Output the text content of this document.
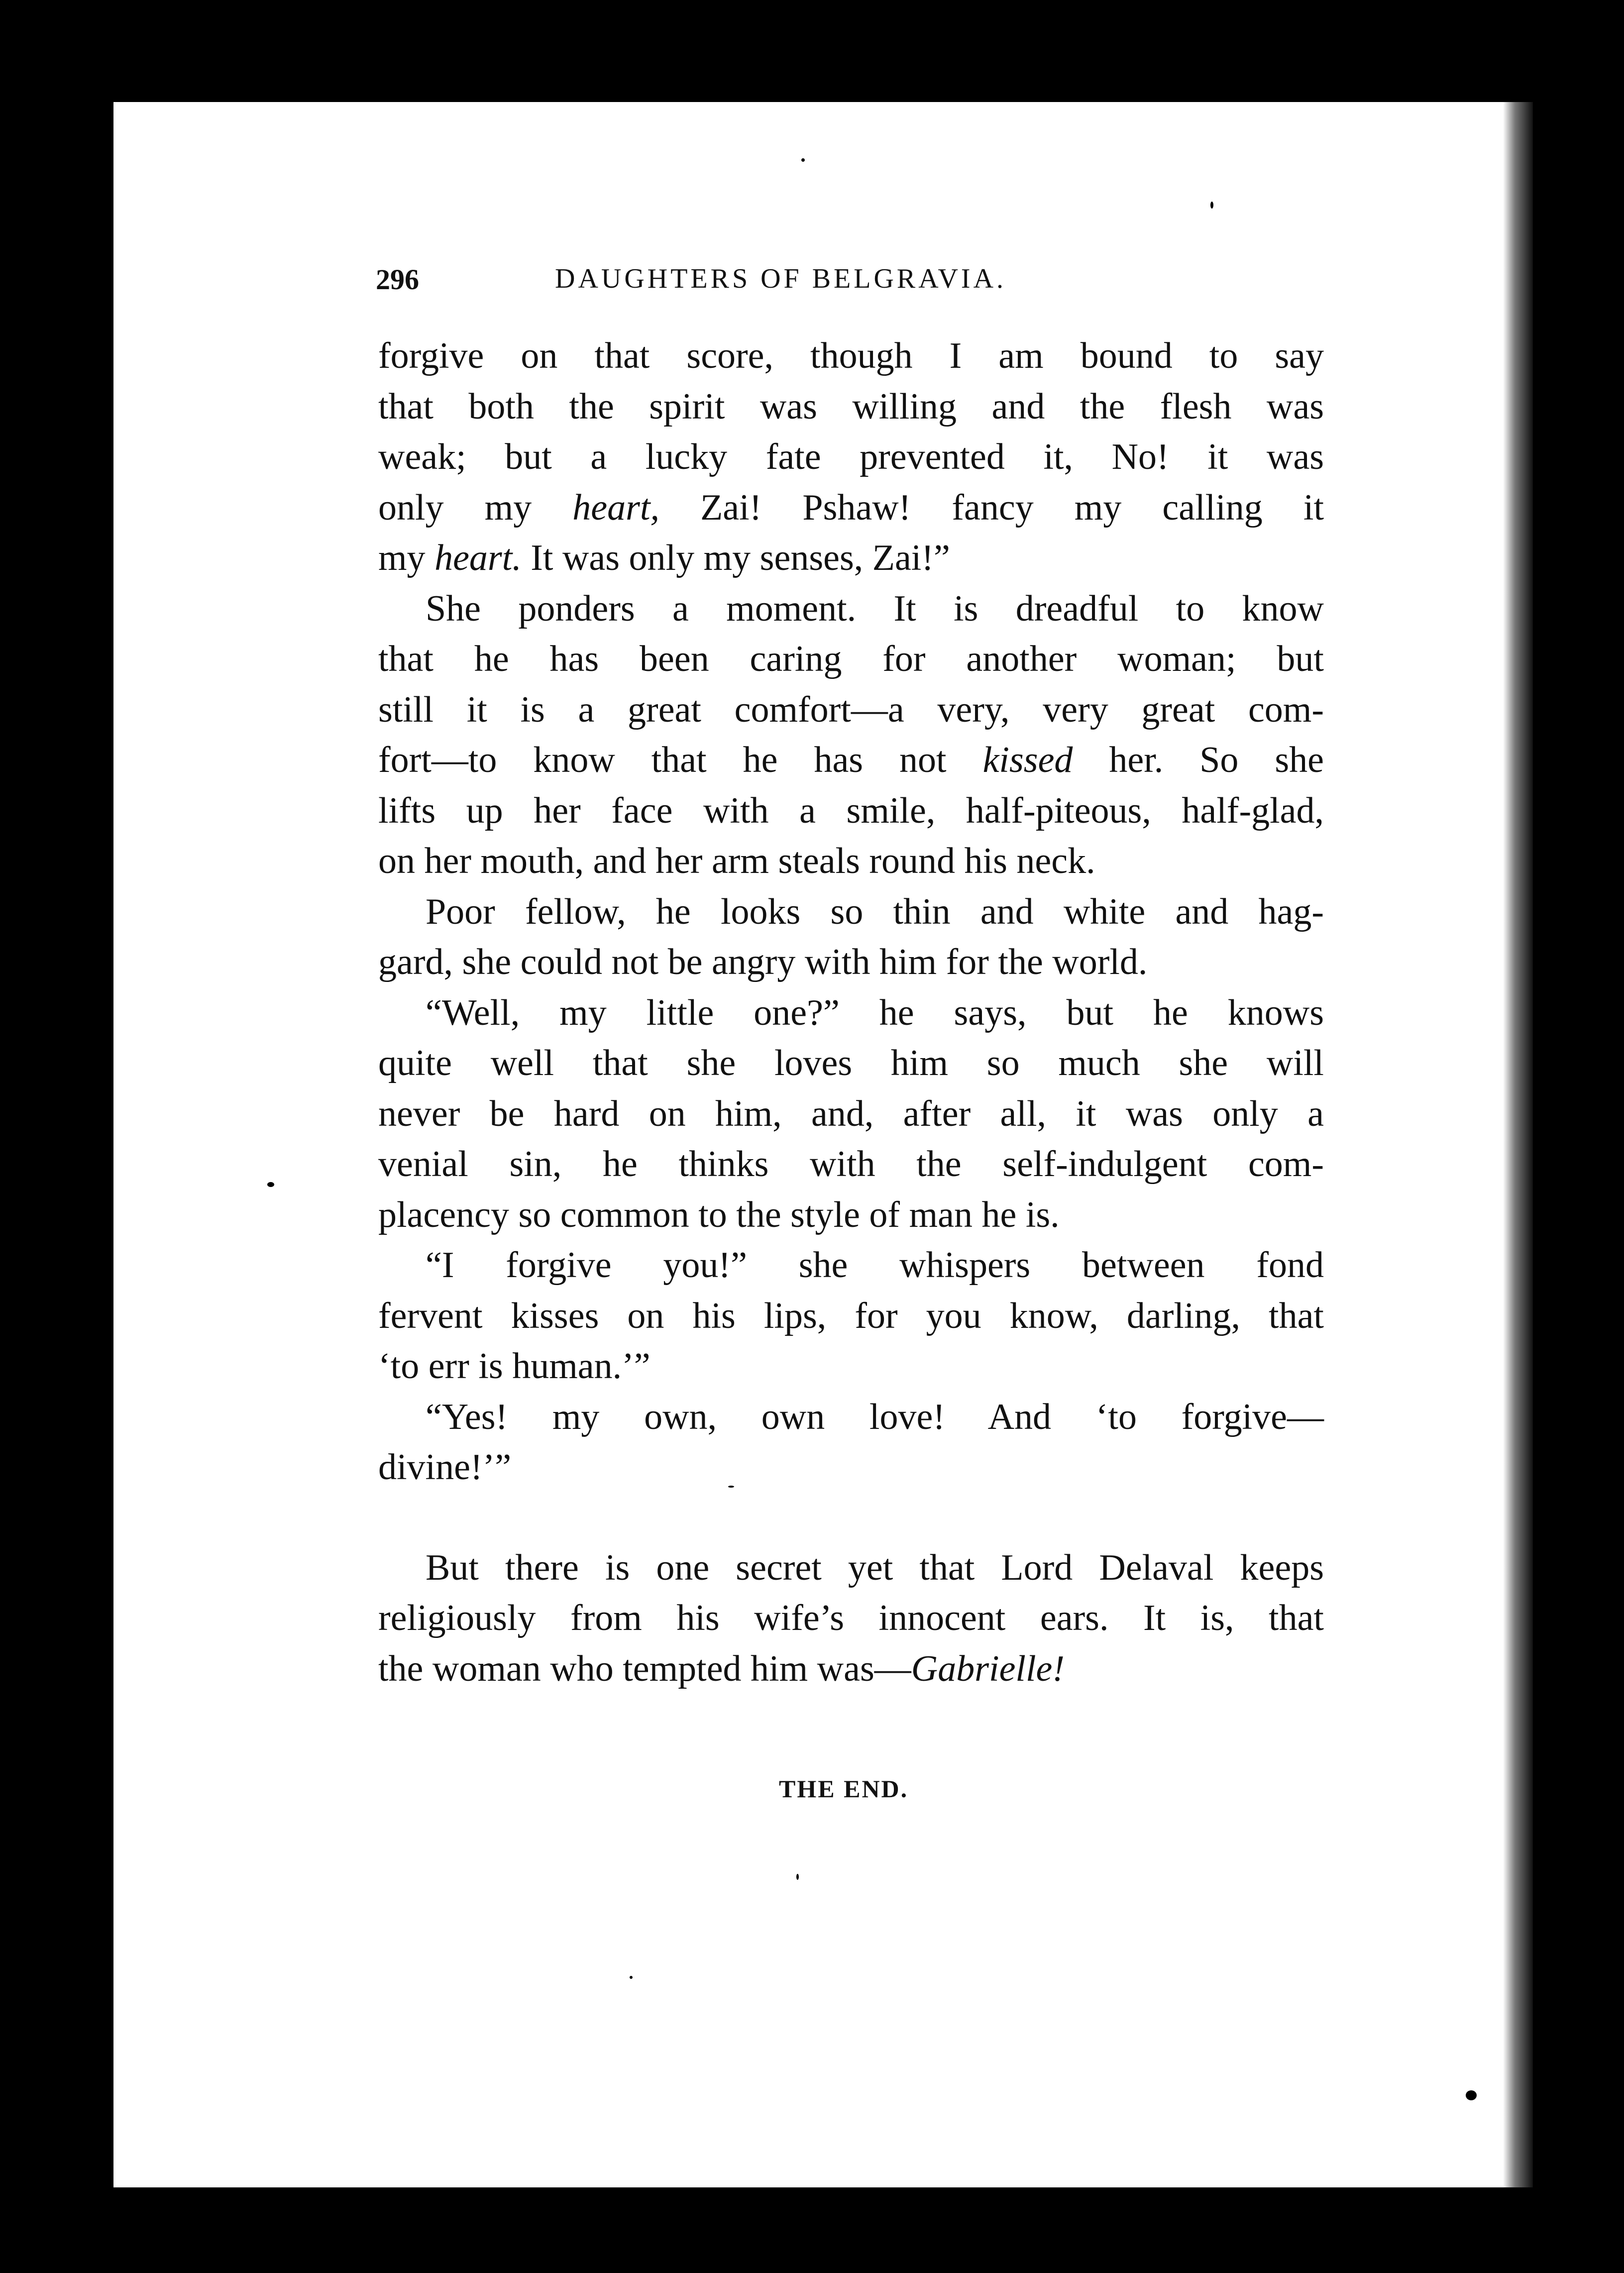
296	DAUGHTERS OF BELGRAVIA.
forgive on that score, though I am bound to say
that both the spirit was willing and the flesh was
weak; but a lucky fate prevented it, No! it was
only my heart, Zai! Pshaw! fancy my calling it
my heart. It was only my senses, Zai!”
She ponders a moment. It is dreadful to know
that he has been caring for another woman; but
still it is a great comfort—a very, very great com-
fort—to know that he has not kissed her. So she
lifts up her face with a smile, half-piteous, half-glad,
on her mouth, and her arm steals round his neck.
Poor fellow, he looks so thin and white and hag-
gard, she could not be angry with him for the world.
“Well, my little one?” he says, but he knows
quite well that she loves him so much she will
never be hard on him, and, after all, it was only a
venial sin, he thinks with the self-indulgent com-
placency so common to the style of man he is.
“I forgive you!” she whispers between fond
fervent kisses on his lips, for you know, darling, that
‘to err is human.’”
“Yes! my own, own love! And ‘to forgive—
divine!’”
But there is one secret yet that Lord Delaval keeps
religiously from his wife’s innocent ears. It is, that
the woman who tempted him was—Gabrielle!
THE END.
